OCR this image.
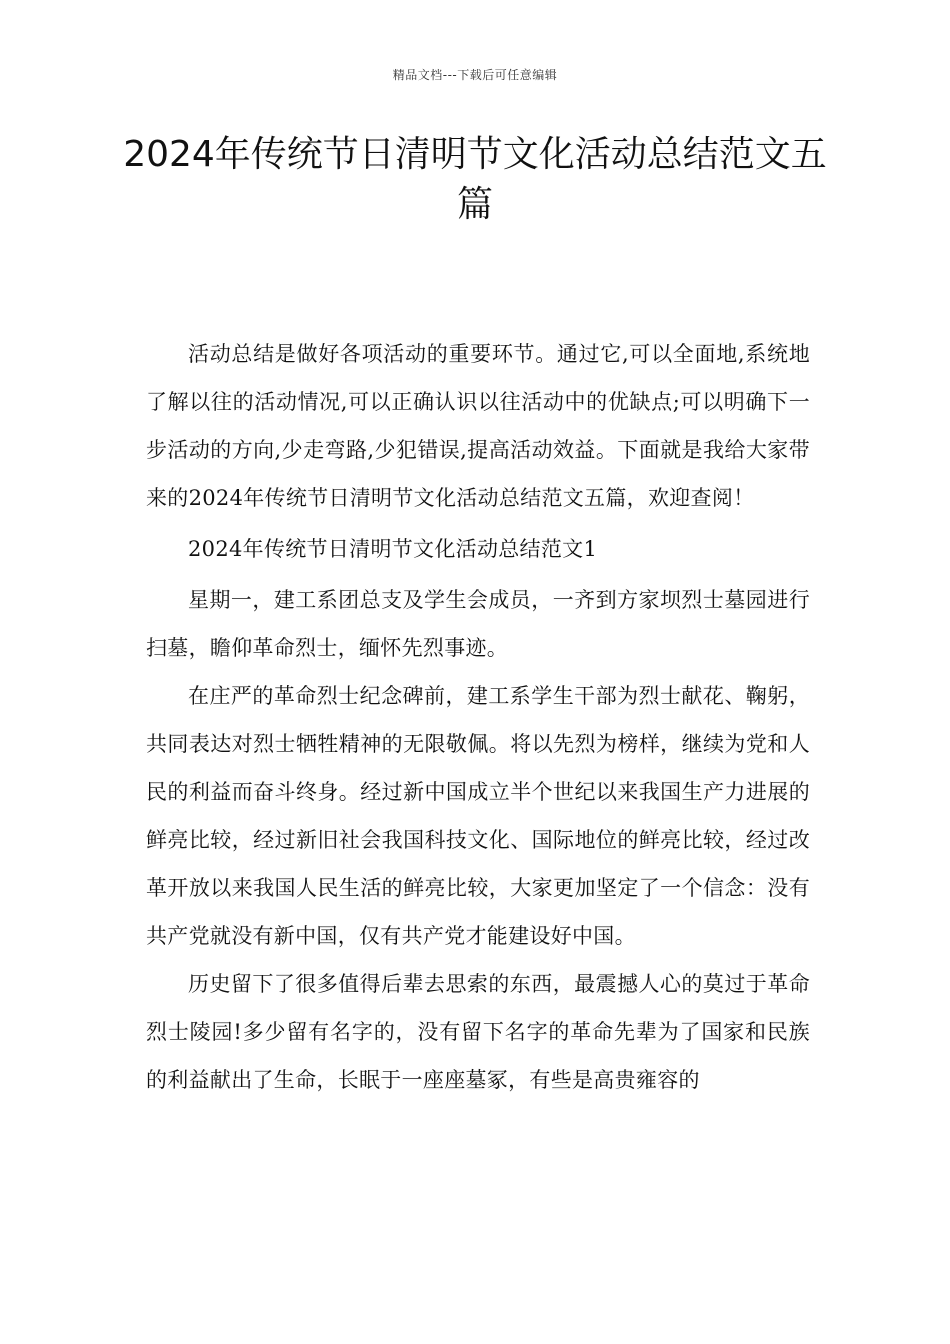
精品文档---下载后可任意编辑
2024年传统节日清明节文化活动总结范文五篇

活动总结是做好各项活动的重要环节。通过它,可以全面地,系统地了解以往的活动情况,可以正确认识以往活动中的优缺点;可以明确下一步活动的方向,少走弯路,少犯错误,提高活动效益。下面就是我给大家带来的2024年传统节日清明节文化活动总结范文五篇，欢迎查阅！

2024年传统节日清明节文化活动总结范文1

星期一，建工系团总支及学生会成员，一齐到方家坝烈士墓园进行扫墓，瞻仰革命烈士，缅怀先烈事迹。

在庄严的革命烈士纪念碑前，建工系学生干部为烈士献花、鞠躬，共同表达对烈士牺牲精神的无限敬佩。将以先烈为榜样，继续为党和人民的利益而奋斗终身。经过新中国成立半个世纪以来我国生产力进展的鲜亮比较，经过新旧社会我国科技文化、国际地位的鲜亮比较，经过改革开放以来我国人民生活的鲜亮比较，大家更加坚定了一个信念：没有共产党就没有新中国，仅有共产党才能建设好中国。

历史留下了很多值得后辈去思索的东西，最震撼人心的莫过于革命烈士陵园!多少留有名字的，没有留下名字的革命先辈为了国家和民族的利益献出了生命，长眠于一座座墓冢，有些是高贵雍容的
